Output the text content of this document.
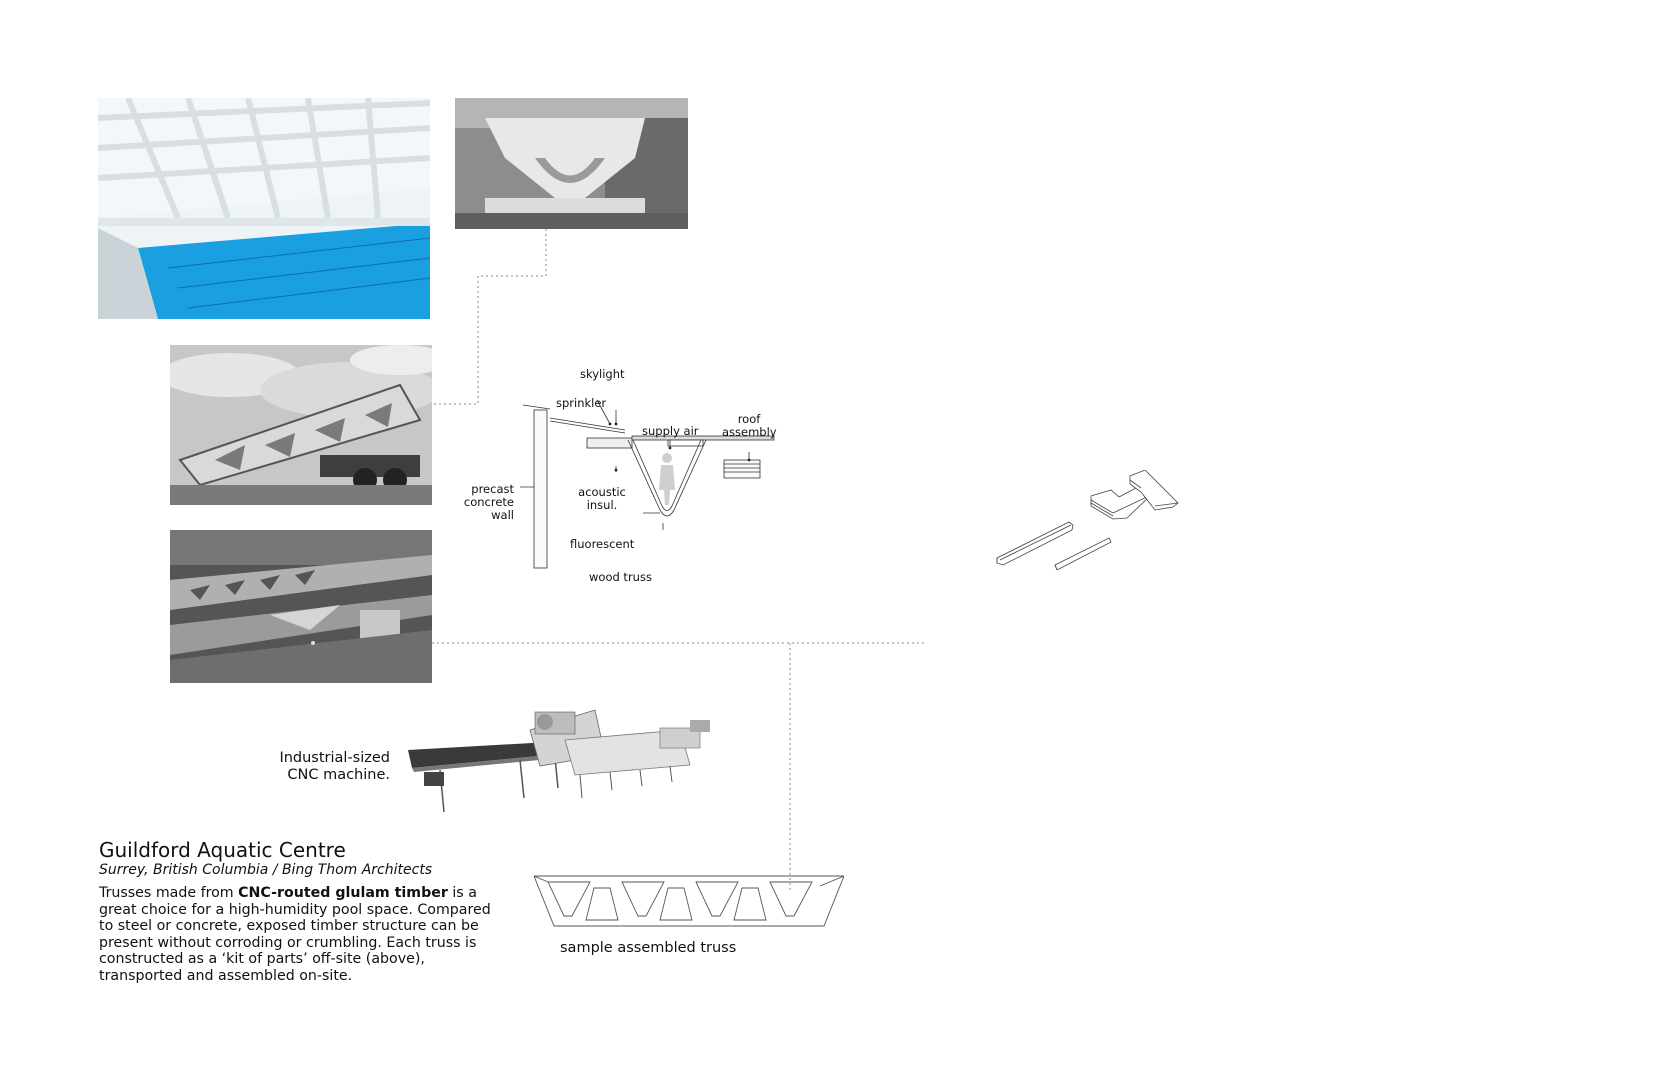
skylight
sprinkler
supply air
roof
assembly
precast
concrete
wall
acoustic
insul.
fluorescent
wood truss
Industrial-sized
CNC machine.
sample assembled truss
Guildford Aquatic Centre
Surrey, British Columbia / Bing Thom Architects
Trusses made from CNC-routed glulam timber is a great choice for a high-humidity pool space. Compared to steel or concrete, exposed timber structure can be present without corroding or crumbling. Each truss is constructed as a ‘kit of parts’ off-site (above), transported and assembled on-site.
